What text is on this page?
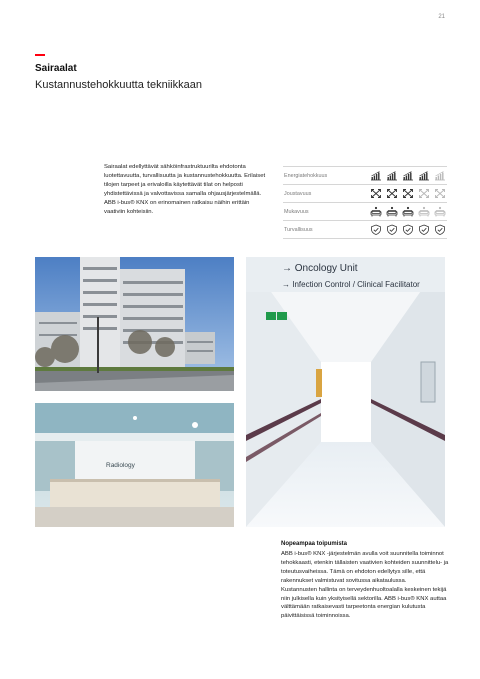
21
Sairaalat
Kustannustehokkuutta tekniikkaan
Sairaalat edellyttävät sähköinfrastruktuurilta ehdotonta luotettavuutta, turvallisuutta ja kustannustehokkuutta. Erilaiset tilojen tarpeet ja erivaloilla käytettävät tilat on helposti yhdistettävissä ja valvottavissa samalla ohjausjärjestelmällä. ABB i-bus® KNX on erinomainen ratkaisu näihin erittäin vaativiin kohteisiin.
Energiatehokkuus
Joustavuus
Mukavuus
Turvallisuus
→ Oncology Unit
→ Infection Control / Clinical Facilitator
Radiology
Nopeampaa toipumista

ABB i-bus® KNX -järjestelmän avulla voit suunnitella toiminnot tehokkaasti, etenkin tällaisten vaativien kohteiden suunnittelu- ja toteutusvaiheissa. Tämä on ehdoton edellytys sille, että rakennukset valmistuvat sovitussa aikataulussa.

Kustannusten hallinta on terveydenhuoltoalalla keskeinen tekijä niin julkisella kuin yksityisellä sektorilla. ABB i-bus® KNX auttaa välttämään ratkaisevasti tarpeetonta energian kulutusta päivittäisissä toiminnoissa.
